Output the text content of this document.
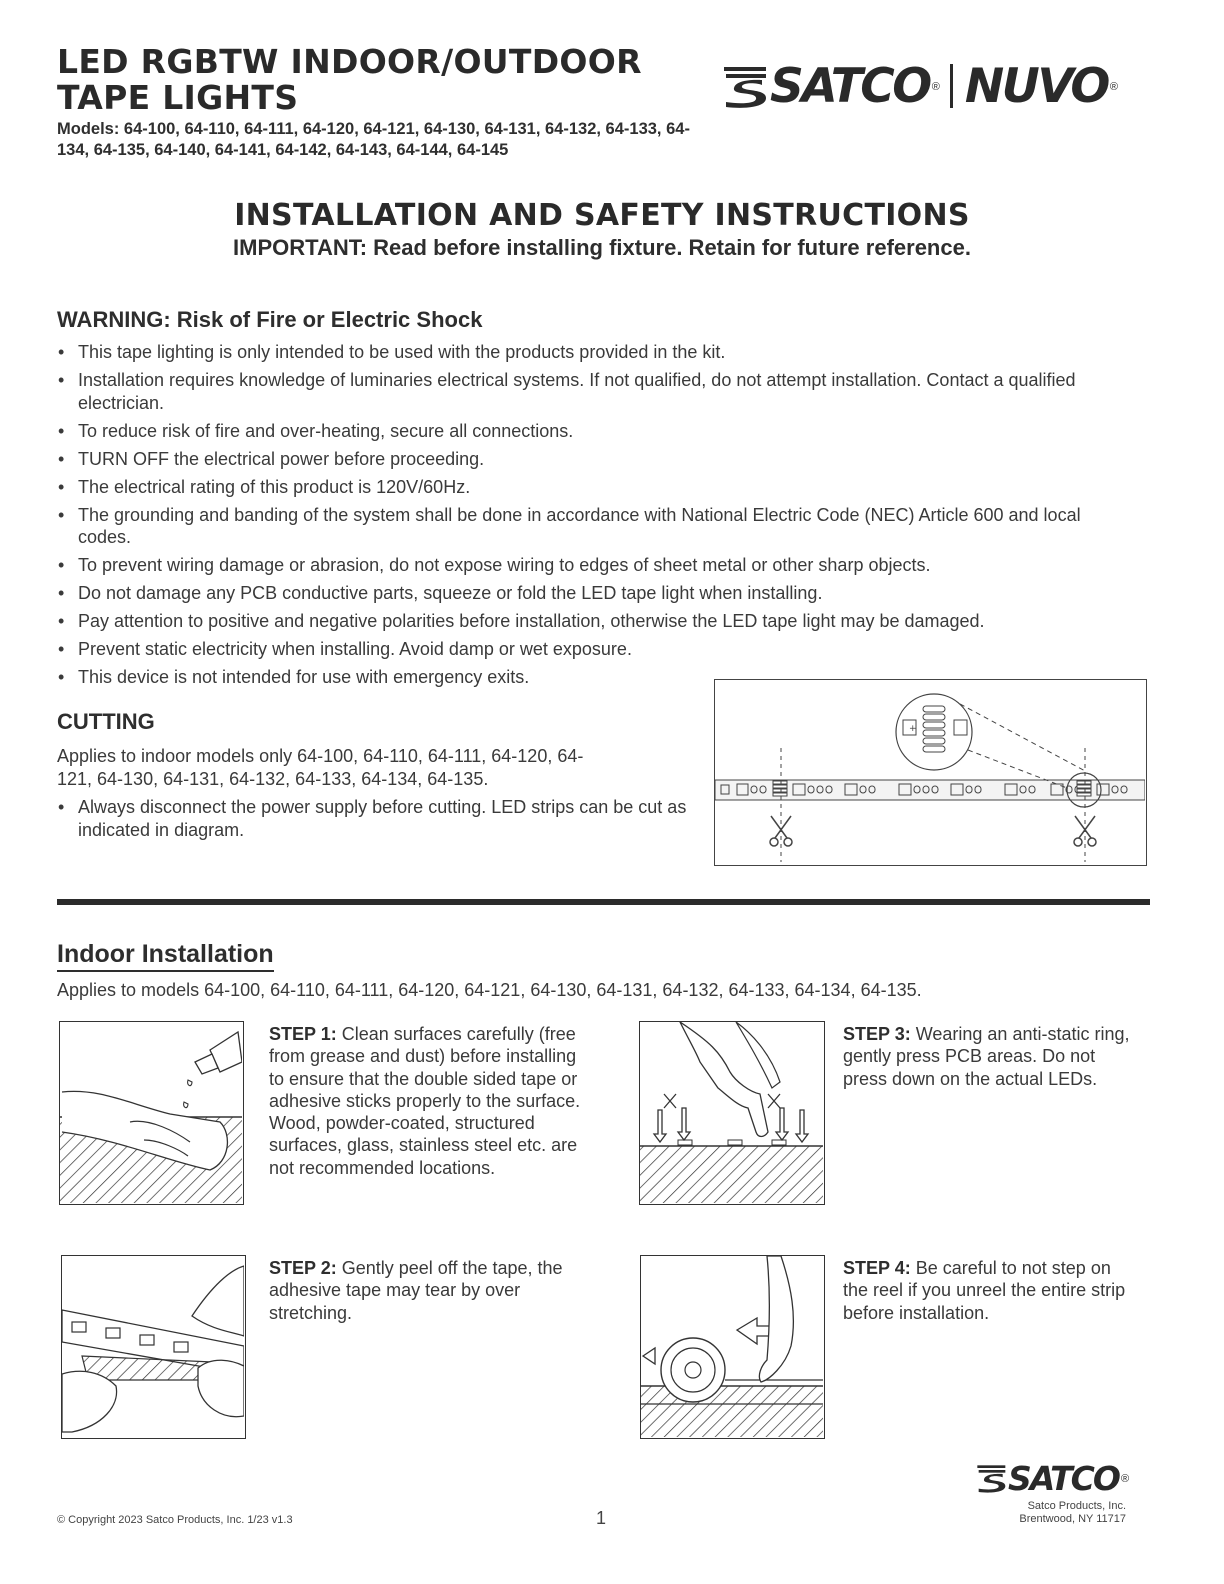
LED RGBTW INDOOR/OUTDOOR
TAPE LIGHTS
Models: 64-100, 64-110, 64-111, 64-120, 64-121, 64-130, 64-131, 64-132, 64-133, 64-134, 64-135, 64-140, 64-141, 64-142, 64-143, 64-144, 64-145
SATCO ® NUVO ®
INSTALLATION AND SAFETY INSTRUCTIONS
IMPORTANT: Read before installing fixture. Retain for future reference.
WARNING: Risk of Fire or Electric Shock
• This tape lighting is only intended to be used with the products provided in the kit.
• Installation requires knowledge of luminaries electrical systems. If not qualified, do not attempt installation. Contact a qualified electrician.
• To reduce risk of fire and over-heating, secure all connections.
• TURN OFF the electrical power before proceeding.
• The electrical rating of this product is 120V/60Hz.
• The grounding and banding of the system shall be done in accordance with National Electric Code (NEC) Article 600 and local codes.
• To prevent wiring damage or abrasion, do not expose wiring to edges of sheet metal or other sharp objects.
• Do not damage any PCB conductive parts, squeeze or fold the LED tape light when installing.
• Pay attention to positive and negative polarities before installation, otherwise the LED tape light may be damaged.
• Prevent static electricity when installing. Avoid damp or wet exposure.
• This device is not intended for use with emergency exits.
CUTTING
Applies to indoor models only 64-100, 64-110, 64-111, 64-120, 64-121, 64-130, 64-131, 64-132, 64-133, 64-134, 64-135.
• Always disconnect the power supply before cutting. LED strips can be cut as indicated in diagram.
+
Indoor Installation
Applies to models 64-100, 64-110, 64-111, 64-120, 64-121, 64-130, 64-131, 64-132, 64-133, 64-134, 64-135.
STEP 1: Clean surfaces carefully (free from grease and dust) before installing to ensure that the double sided tape or adhesive sticks properly to the surface. Wood, powder-coated, structured surfaces, glass, stainless steel etc. are not recommended locations.
STEP 3: Wearing an anti-static ring, gently press PCB areas. Do not press down on the actual LEDs.
STEP 2: Gently peel off the tape, the adhesive tape may tear by over stretching.
STEP 4: Be careful to not step on the reel if you unreel the entire strip before installation.
© Copyright 2023 Satco Products, Inc. 1/23 v1.3	1
SATCO ®
Satco Products, Inc.
Brentwood, NY 11717
